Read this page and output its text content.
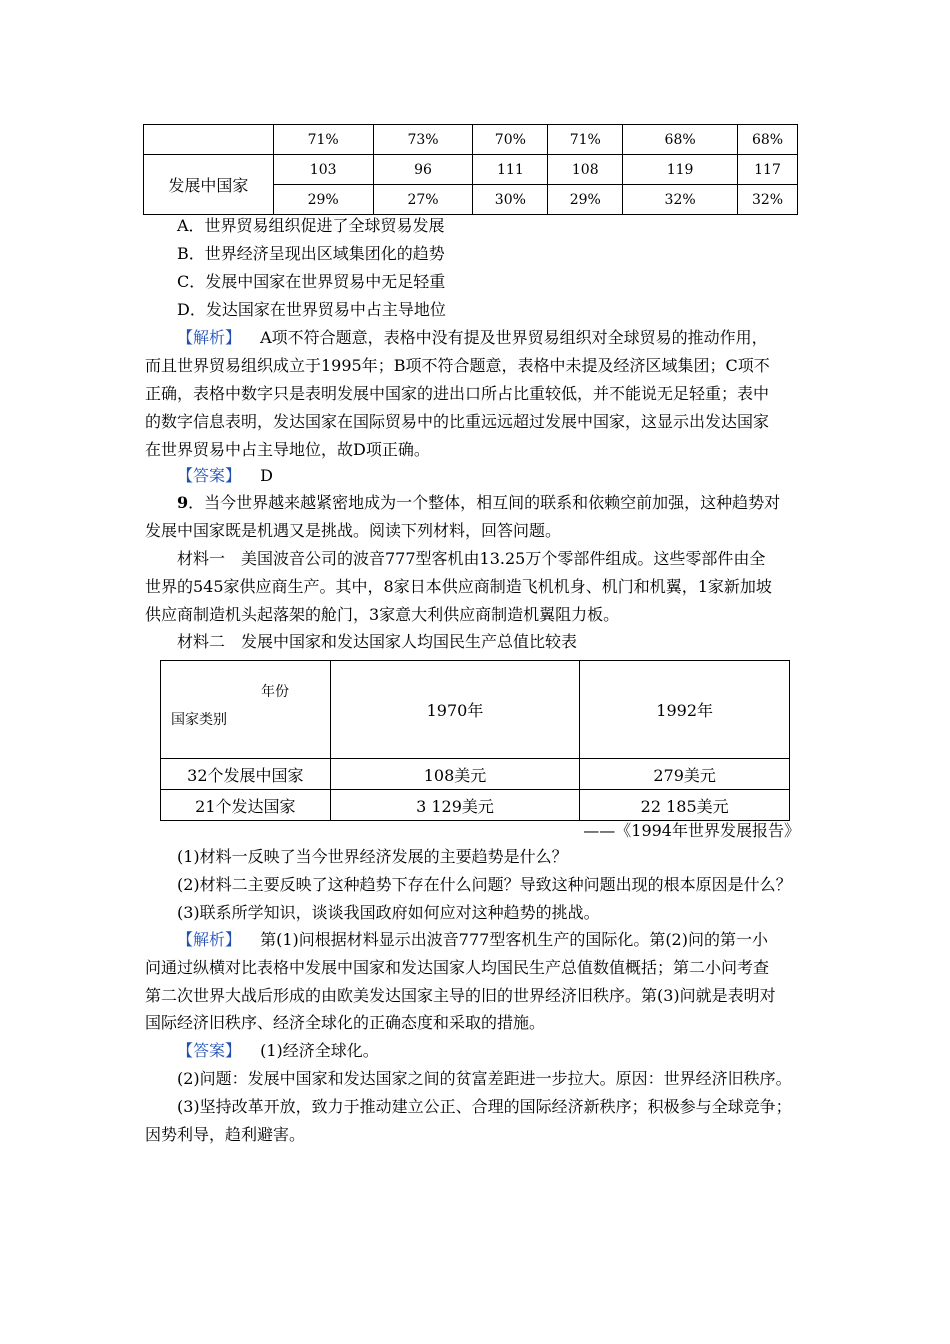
	71%	73%	70%	71%	68%	68%
发展中国家	103	96	111	108	119	117
	29%	27%	30%	29%	32%	32%
A．世界贸易组织促进了全球贸易发展
B．世界经济呈现出区域集团化的趋势
C．发展中国家在世界贸易中无足轻重
D．发达国家在世界贸易中占主导地位
【解析】 A项不符合题意，表格中没有提及世界贸易组织对全球贸易的推动作用，
而且世界贸易组织成立于1995年；B项不符合题意，表格中未提及经济区域集团；C项不
正确，表格中数字只是表明发展中国家的进出口所占比重较低，并不能说无足轻重；表中
的数字信息表明，发达国家在国际贸易中的比重远远超过发展中国家，这显示出发达国家
在世界贸易中占主导地位，故D项正确。
【答案】 D
9．当今世界越来越紧密地成为一个整体，相互间的联系和依赖空前加强，这种趋势对
发展中国家既是机遇又是挑战。阅读下列材料，回答问题。
材料一　美国波音公司的波音777型客机由13.25万个零部件组成。这些零部件由全
世界的545家供应商生产。其中，8家日本供应商制造飞机机身、机门和机翼，1家新加坡
供应商制造机头起落架的舱门，3家意大利供应商制造机翼阻力板。
材料二　发展中国家和发达国家人均国民生产总值比较表
年份
国家类别	1970年	1992年
32个发展中国家	108美元	279美元
21个发达国家	3 129美元	22 185美元
——《1994年世界发展报告》
(1)材料一反映了当今世界经济发展的主要趋势是什么？
(2)材料二主要反映了这种趋势下存在什么问题？导致这种问题出现的根本原因是什么？
(3)联系所学知识，谈谈我国政府如何应对这种趋势的挑战。
【解析】 第(1)问根据材料显示出波音777型客机生产的国际化。第(2)问的第一小
问通过纵横对比表格中发展中国家和发达国家人均国民生产总值数值概括；第二小问考查
第二次世界大战后形成的由欧美发达国家主导的旧的世界经济旧秩序。第(3)问就是表明对
国际经济旧秩序、经济全球化的正确态度和采取的措施。
【答案】 (1)经济全球化。
(2)问题：发展中国家和发达国家之间的贫富差距进一步拉大。原因：世界经济旧秩序。
(3)坚持改革开放，致力于推动建立公正、合理的国际经济新秩序；积极参与全球竞争；
因势利导，趋利避害。
